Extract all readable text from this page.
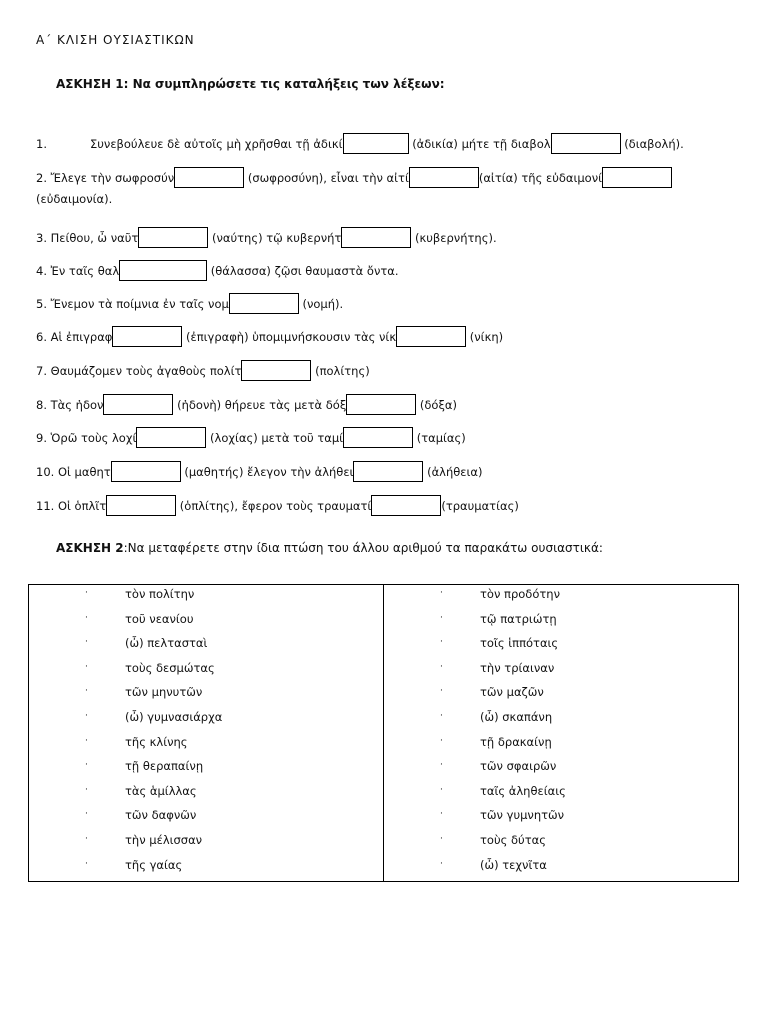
Α΄ ΚΛΙΣΗ ΟΥΣΙΑΣΤΙΚΩΝ
ΑΣΚΗΣΗ 1: Να συμπληρώσετε τις καταλήξεις των λέξεων:
1.	Συνεβούλευε δὲ αὐτοῖς μὴ χρῆσθαι τῇ ἀδικί	(ἀδικία) μήτε τῇ διαβολ	(διαβολή).
2. Ἔλεγε τὴν σωφροσύν	(σωφροσύνη), εἶναι τὴν αἰτί	(αἰτία) τῆς εὐδαιμονί
(εὐδαιμονία).
3. Πείθου, ὦ ναῦτ	(ναύτης) τῷ κυβερνήτ	(κυβερνήτης).
4. Ἐν ταῖς θαλ	(θάλασσα) ζῷσι θαυμαστὰ ὄντα.
5. Ἔνεμον τὰ ποίμνια ἐν ταῖς νομ	(νομή).
6. Αἱ ἐπιγραφ	(ἐπιγραφὴ) ὑπομιμνήσκουσιν τὰς νίκ	(νίκη)
7. Θαυμάζομεν τοὺς ἀγαθοὺς πολίτ	(πολίτης)
8. Τὰς ἡδον	(ἡδονὴ) θήρευε τὰς μετὰ δόξ	(δόξα)
9. Ὁρῶ τοὺς λοχί	(λοχίας) μετὰ τοῦ ταμί	(ταμίας)
10. Οἱ μαθητ	(μαθητής) ἔλεγον τὴν ἀλήθει	(ἀλήθεια)
11. Οἱ ὁπλῖτ	(ὁπλίτης), ἔφερον τοὺς τραυματί	(τραυματίας)
ΑΣΚΗΣΗ 2:Να μεταφέρετε στην ίδια πτώση του άλλου αριθμού τα παρακάτω ουσιαστικά:
·	τὸν πολίτην
·	τοῦ νεανίου
·	(ὦ) πελτασταὶ
·	τοὺς δεσμώτας
·	τῶν μηνυτῶν
·	(ὦ) γυμνασιάρχα
·	τῆς κλίνης
·	τῇ θεραπαίνῃ
·	τὰς ἁμίλλας
·	τῶν δαφνῶν
·	τὴν μέλισσαν
·	τῆς γαίας

·	τὸν προδότην
·	τῷ πατριώτῃ
·	τοῖς ἱππόταις
·	τὴν τρίαιναν
·	τῶν μαζῶν
·	(ὦ) σκαπάνη
·	τῇ δρακαίνῃ
·	τῶν σφαιρῶν
·	ταῖς ἀληθείαις
·	τῶν γυμνητῶν
·	τοὺς δύτας
·	(ὦ) τεχνῖτα
